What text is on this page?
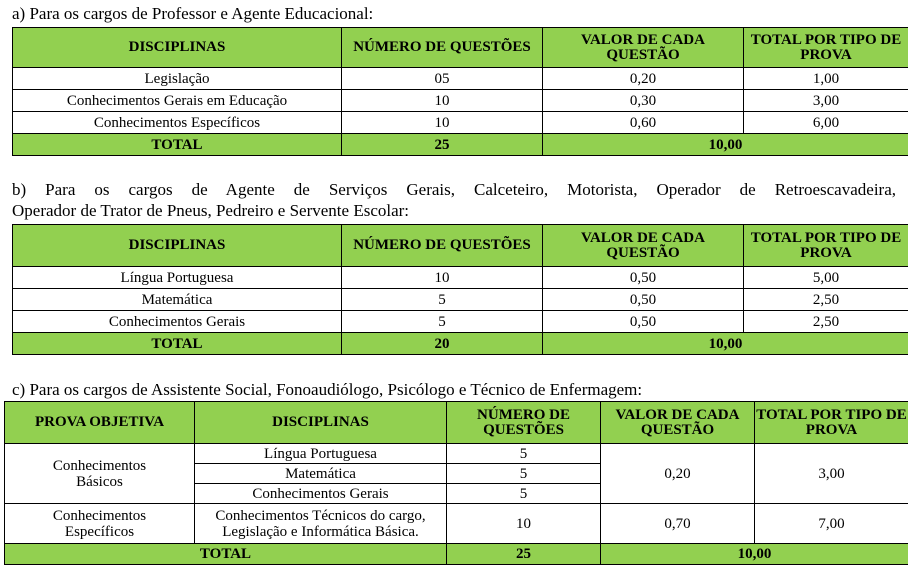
a) Para os cargos de Professor e Agente Educacional:
DISCIPLINAS	NÚMERO DE QUESTÕES	VALOR DE CADA QUESTÃO	TOTAL POR TIPO DE PROVA
Legislação	05	0,20	1,00
Conhecimentos Gerais em Educação	10	0,30	3,00
Conhecimentos Específicos	10	0,60	6,00
TOTAL	25	10,00	
b) Para os cargos de Agente de Serviços Gerais, Calceteiro, Motorista, Operador de Retroescavadeira,
Operador de Trator de Pneus, Pedreiro e Servente Escolar:
DISCIPLINAS	NÚMERO DE QUESTÕES	VALOR DE CADA QUESTÃO	TOTAL POR TIPO DE PROVA
Língua Portuguesa	10	0,50	5,00
Matemática	5	0,50	2,50
Conhecimentos Gerais	5	0,50	2,50
TOTAL	20	10,00	
c) Para os cargos de Assistente Social, Fonoaudiólogo, Psicólogo e Técnico de Enfermagem:
PROVA OBJETIVA	DISCIPLINAS	NÚMERO DE QUESTÕES	VALOR DE CADA QUESTÃO	TOTAL POR TIPO DE PROVA
Conhecimentos Básicos	Língua Portuguesa	5	0,20	3,00
	Matemática	5		
	Conhecimentos Gerais	5		
Conhecimentos Específicos	Conhecimentos Técnicos do cargo, Legislação e Informática Básica.	10	0,70	7,00
TOTAL		25	10,00	
